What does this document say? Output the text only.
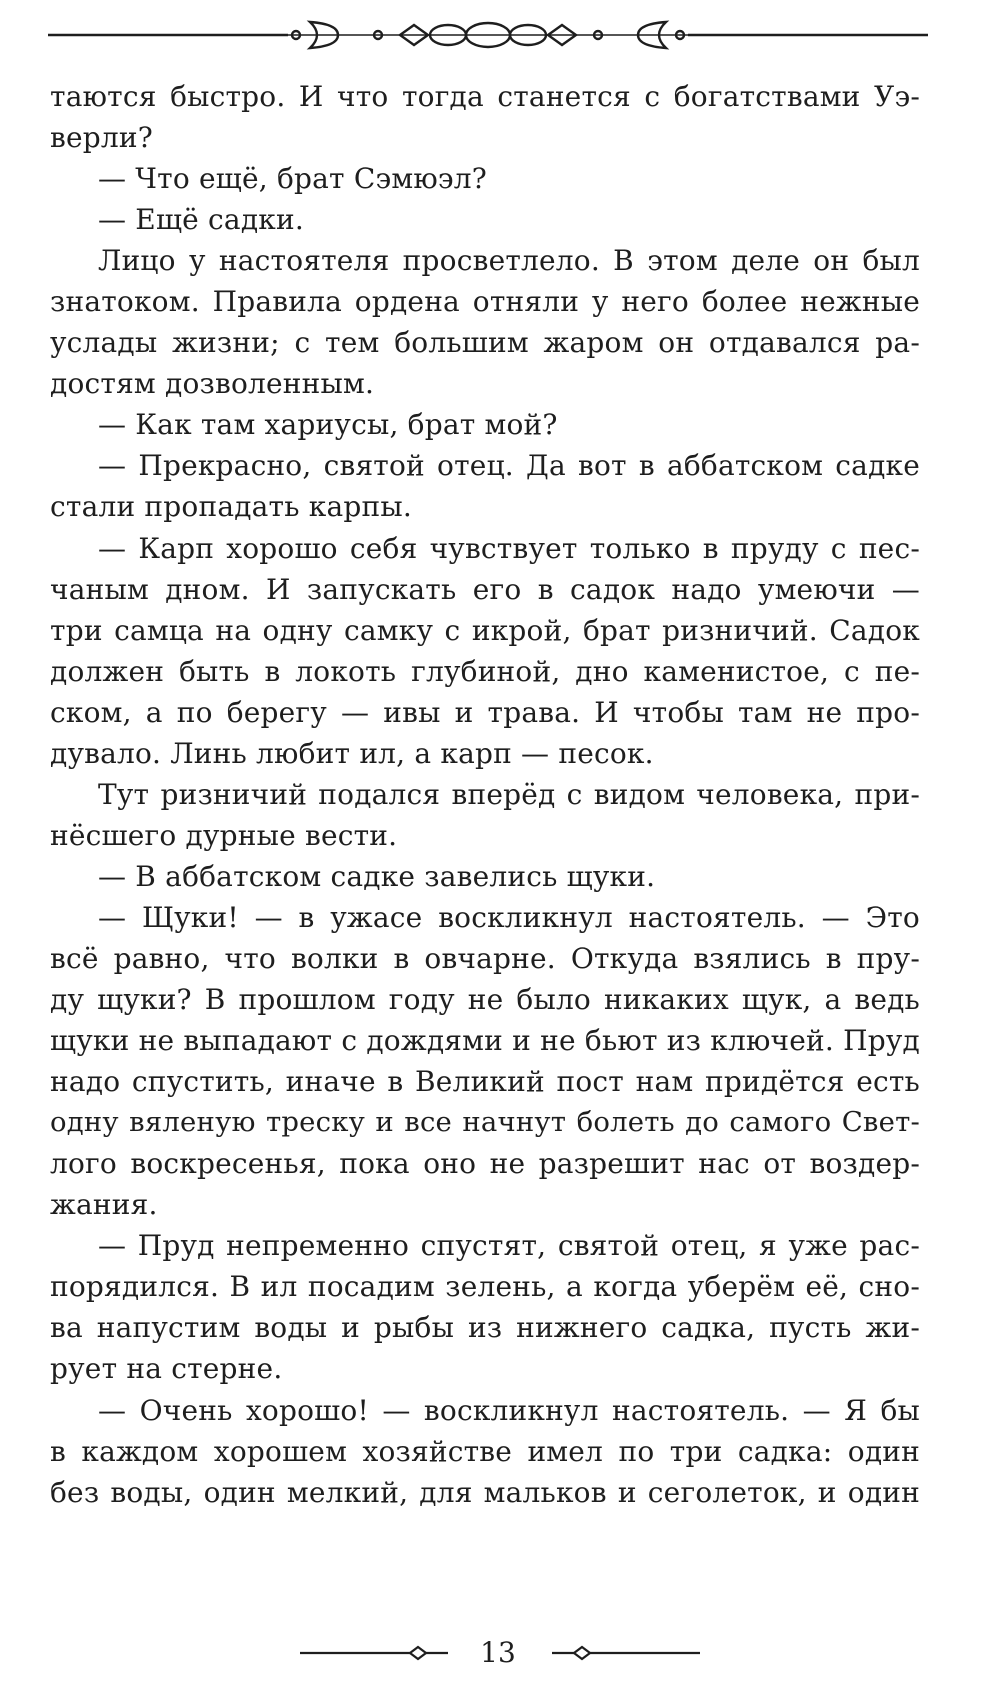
таются быстро. И что тогда станется с богатствами Уэ-
верли?
— Что ещё, брат Сэмюэл?
— Ещё садки.
Лицо у настоятеля просветлело. В этом деле он был
знатоком. Правила ордена отняли у него более нежные
услады жизни; с тем большим жаром он отдавался ра-
достям дозволенным.
— Как там хариусы, брат мой?
— Прекрасно, святой отец. Да вот в аббатском садке
стали пропадать карпы.
— Карп хорошо себя чувствует только в пруду с пес-
чаным дном. И запускать его в садок надо умеючи —
три самца на одну самку с икрой, брат ризничий. Садок
должен быть в локоть глубиной, дно каменистое, с пе-
ском, а по берегу — ивы и трава. И чтобы там не про-
дувало. Линь любит ил, а карп — песок.
Тут ризничий подался вперёд с видом человека, при-
нёсшего дурные вести.
— В аббатском садке завелись щуки.
— Щуки! — в ужасе воскликнул настоятель. — Это
всё равно, что волки в овчарне. Откуда взялись в пру-
ду щуки? В прошлом году не было никаких щук, а ведь
щуки не выпадают с дождями и не бьют из ключей. Пруд
надо спустить, иначе в Великий пост нам придётся есть
одну вяленую треску и все начнут болеть до самого Свет-
лого воскресенья, пока оно не разрешит нас от воздер-
жания.
— Пруд непременно спустят, святой отец, я уже рас-
порядился. В ил посадим зелень, а когда уберём её, сно-
ва напустим воды и рыбы из нижнего садка, пусть жи-
рует на стерне.
— Очень хорошо! — воскликнул настоятель. — Я бы
в каждом хорошем хозяйстве имел по три садка: один
без воды, один мелкий, для мальков и сеголеток, и один
13
